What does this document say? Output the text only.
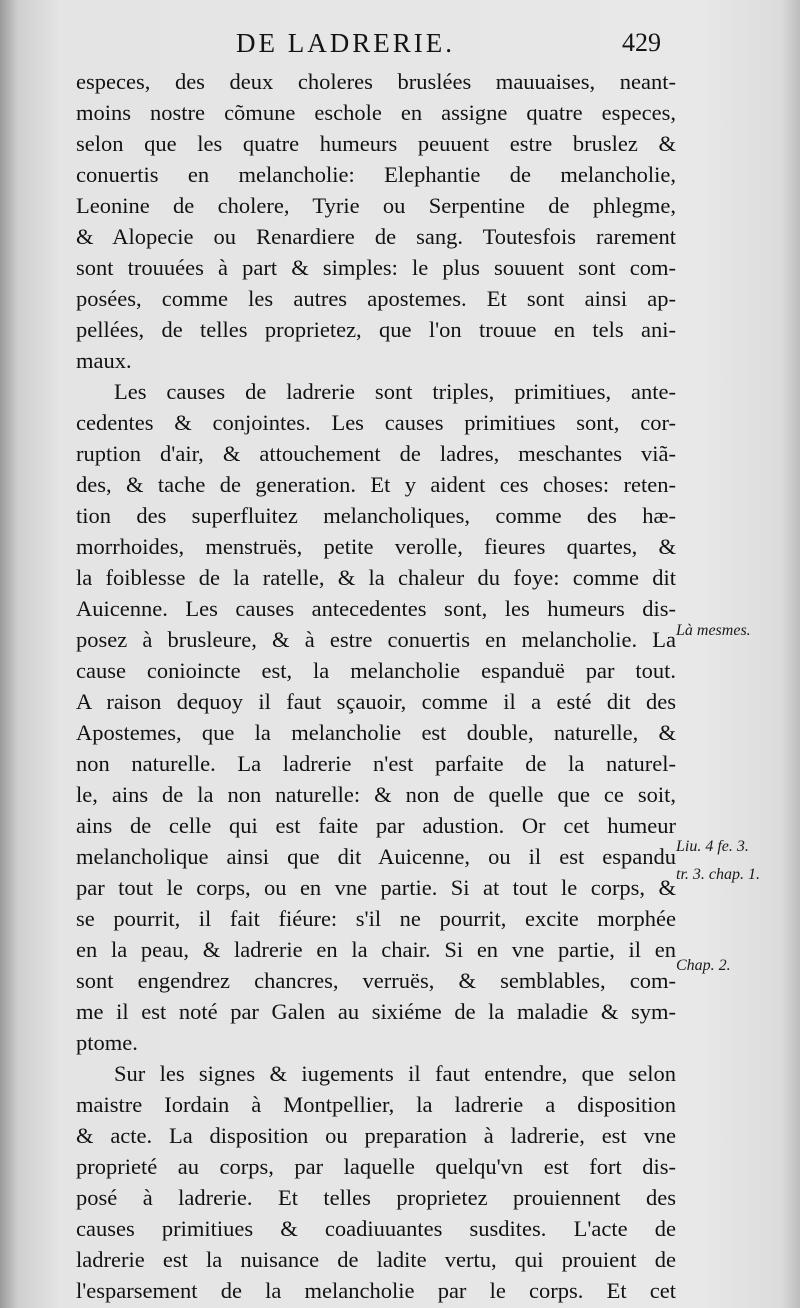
DE LADRERIE.	429
especes, des deux choleres bruslées mauuaises, neant-
moins nostre cõmune eschole en assigne quatre especes,
selon que les quatre humeurs peuuent estre bruslez &
conuertis en melancholie: Elephantie de melancholie,
Leonine de cholere, Tyrie ou Serpentine de phlegme,
& Alopecie ou Renardiere de sang. Toutesfois rarement
sont trouuées à part & simples: le plus souuent sont com-
posées, comme les autres apostemes. Et sont ainsi ap-
pellées, de telles proprietez, que l'on trouue en tels ani-
maux.
Les causes de ladrerie sont triples, primitiues, ante-
cedentes & conjointes. Les causes primitiues sont, cor-
ruption d'air, & attouchement de ladres, meschantes viã-
des, & tache de generation. Et y aident ces choses: reten-
tion des superfluitez melancholiques, comme des hæ-
morrhoides, menstruës, petite verolle, fieures quartes, &
la foiblesse de la ratelle, & la chaleur du foye: comme dit
Auicenne. Les causes antecedentes sont, les humeurs dis-
posez à brusleure, & à estre conuertis en melancholie. La
cause conioincte est, la melancholie espanduë par tout.
A raison dequoy il faut sçauoir, comme il a esté dit des
Apostemes, que la melancholie est double, naturelle, &
non naturelle. La ladrerie n'est parfaite de la naturel-
le, ains de la non naturelle: & non de quelle que ce soit,
ains de celle qui est faite par adustion. Or cet humeur
melancholique ainsi que dit Auicenne, ou il est espandu
par tout le corps, ou en vne partie. Si at tout le corps, &
se pourrit, il fait fiéure: s'il ne pourrit, excite morphée
en la peau, & ladrerie en la chair. Si en vne partie, il en
sont engendrez chancres, verruës, & semblables, com-
me il est noté par Galen au sixiéme de la maladie & sym-
ptome.
Sur les signes & iugements il faut entendre, que selon
maistre Iordain à Montpellier, la ladrerie a disposition
& acte. La disposition ou preparation à ladrerie, est vne
proprieté au corps, par laquelle quelqu'vn est fort dis-
posé à ladrerie. Et telles proprietez prouiennent des
causes primitiues & coadiuuantes susdites. L'acte de
ladrerie est la nuisance de ladite vertu, qui prouient de
l'esparsement de la melancholie par le corps. Et cet
Là mesmes.
Liu. 4 fe. 3.
tr. 3. chap. 1.
Chap. 2.
